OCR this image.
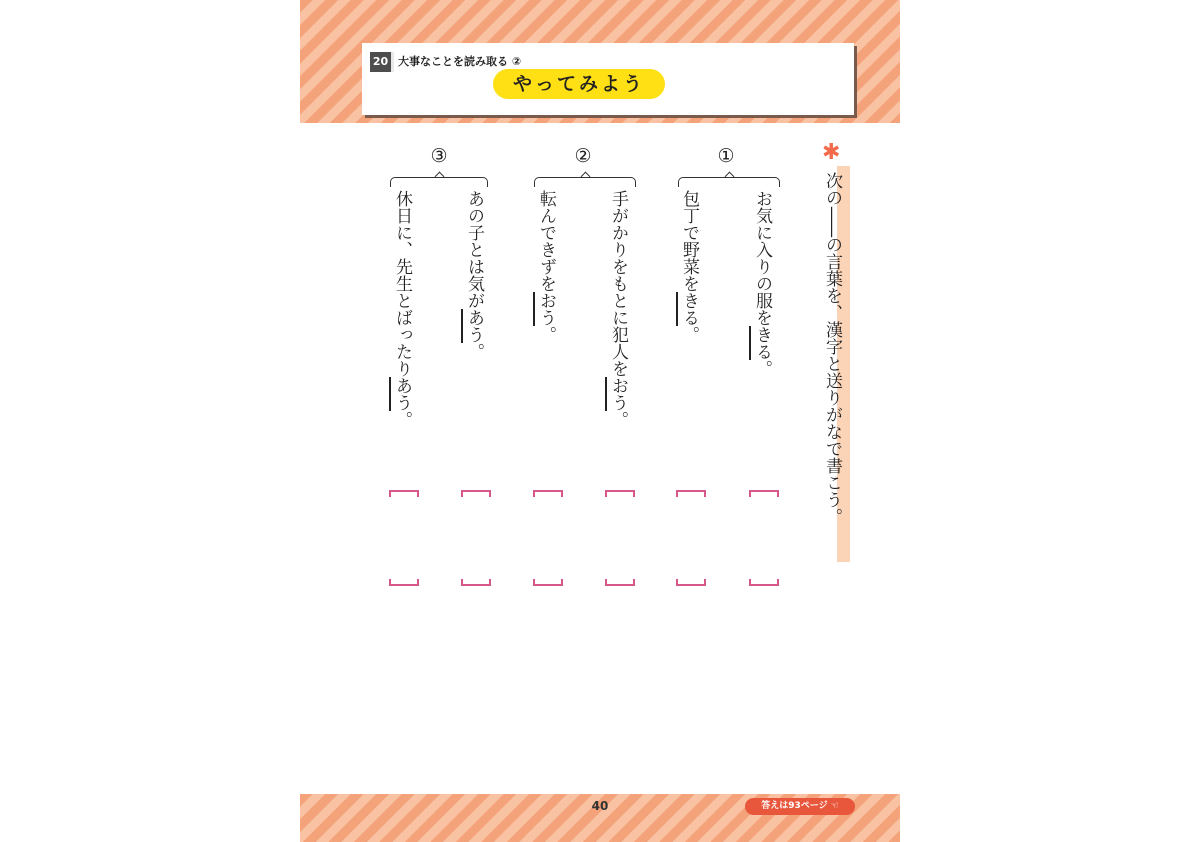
20 大事なことを読み取る ②
やってみよう
✱
次の——の言葉を、漢字と送りがなで書こう。
①
お気に入りの服をきる。
包丁で野菜をきる。
②
手がかりをもとに犯人をおう。
転んできずをおう。
③
あの子とは気があう。
休日に、先生とばったりあう。
40	答えは93ページ ☜
